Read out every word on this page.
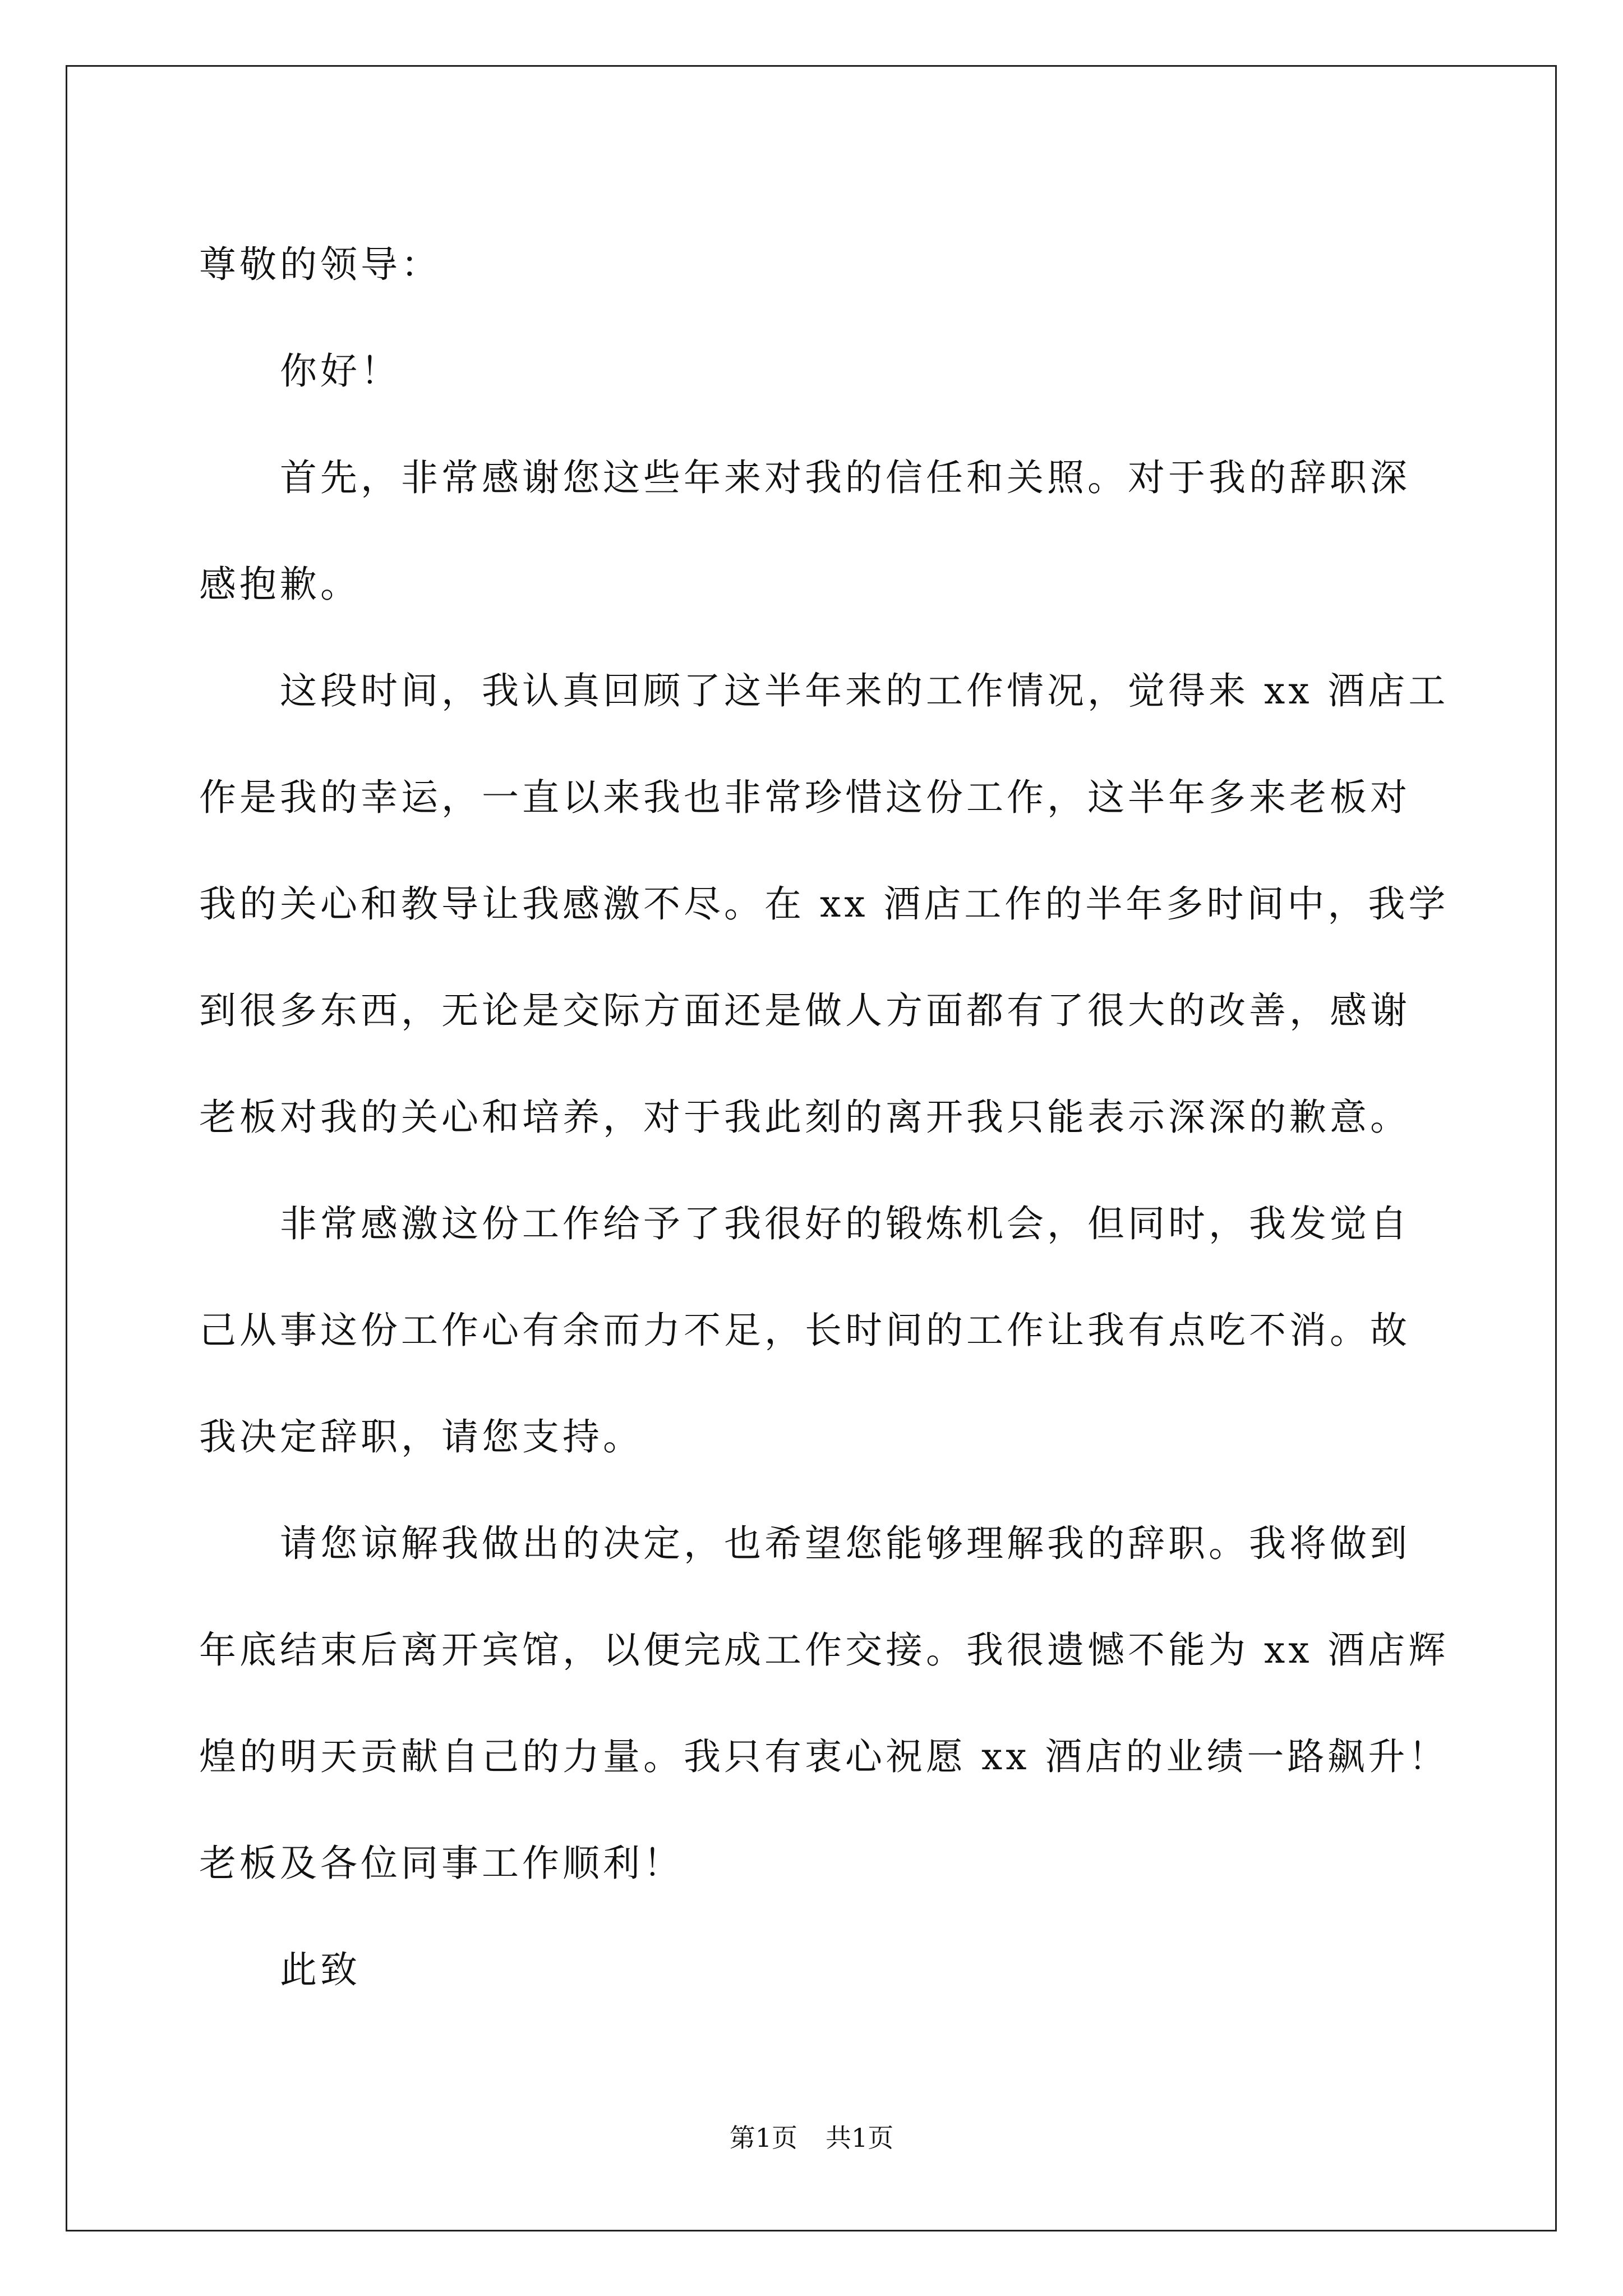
尊敬的领导：
你好！
首先，非常感谢您这些年来对我的信任和关照。对于我的辞职深
感抱歉。
这段时间，我认真回顾了这半年来的工作情况，觉得来 xx 酒店工
作是我的幸运，一直以来我也非常珍惜这份工作，这半年多来老板对
我的关心和教导让我感激不尽。在 xx 酒店工作的半年多时间中，我学
到很多东西，无论是交际方面还是做人方面都有了很大的改善，感谢
老板对我的关心和培养，对于我此刻的离开我只能表示深深的歉意。
非常感激这份工作给予了我很好的锻炼机会，但同时，我发觉自
己从事这份工作心有余而力不足，长时间的工作让我有点吃不消。故
我决定辞职，请您支持。
请您谅解我做出的决定，也希望您能够理解我的辞职。我将做到
年底结束后离开宾馆，以便完成工作交接。我很遗憾不能为 xx 酒店辉
煌的明天贡献自己的力量。我只有衷心祝愿 xx 酒店的业绩一路飙升！
老板及各位同事工作顺利！
此致
第1页 共1页
